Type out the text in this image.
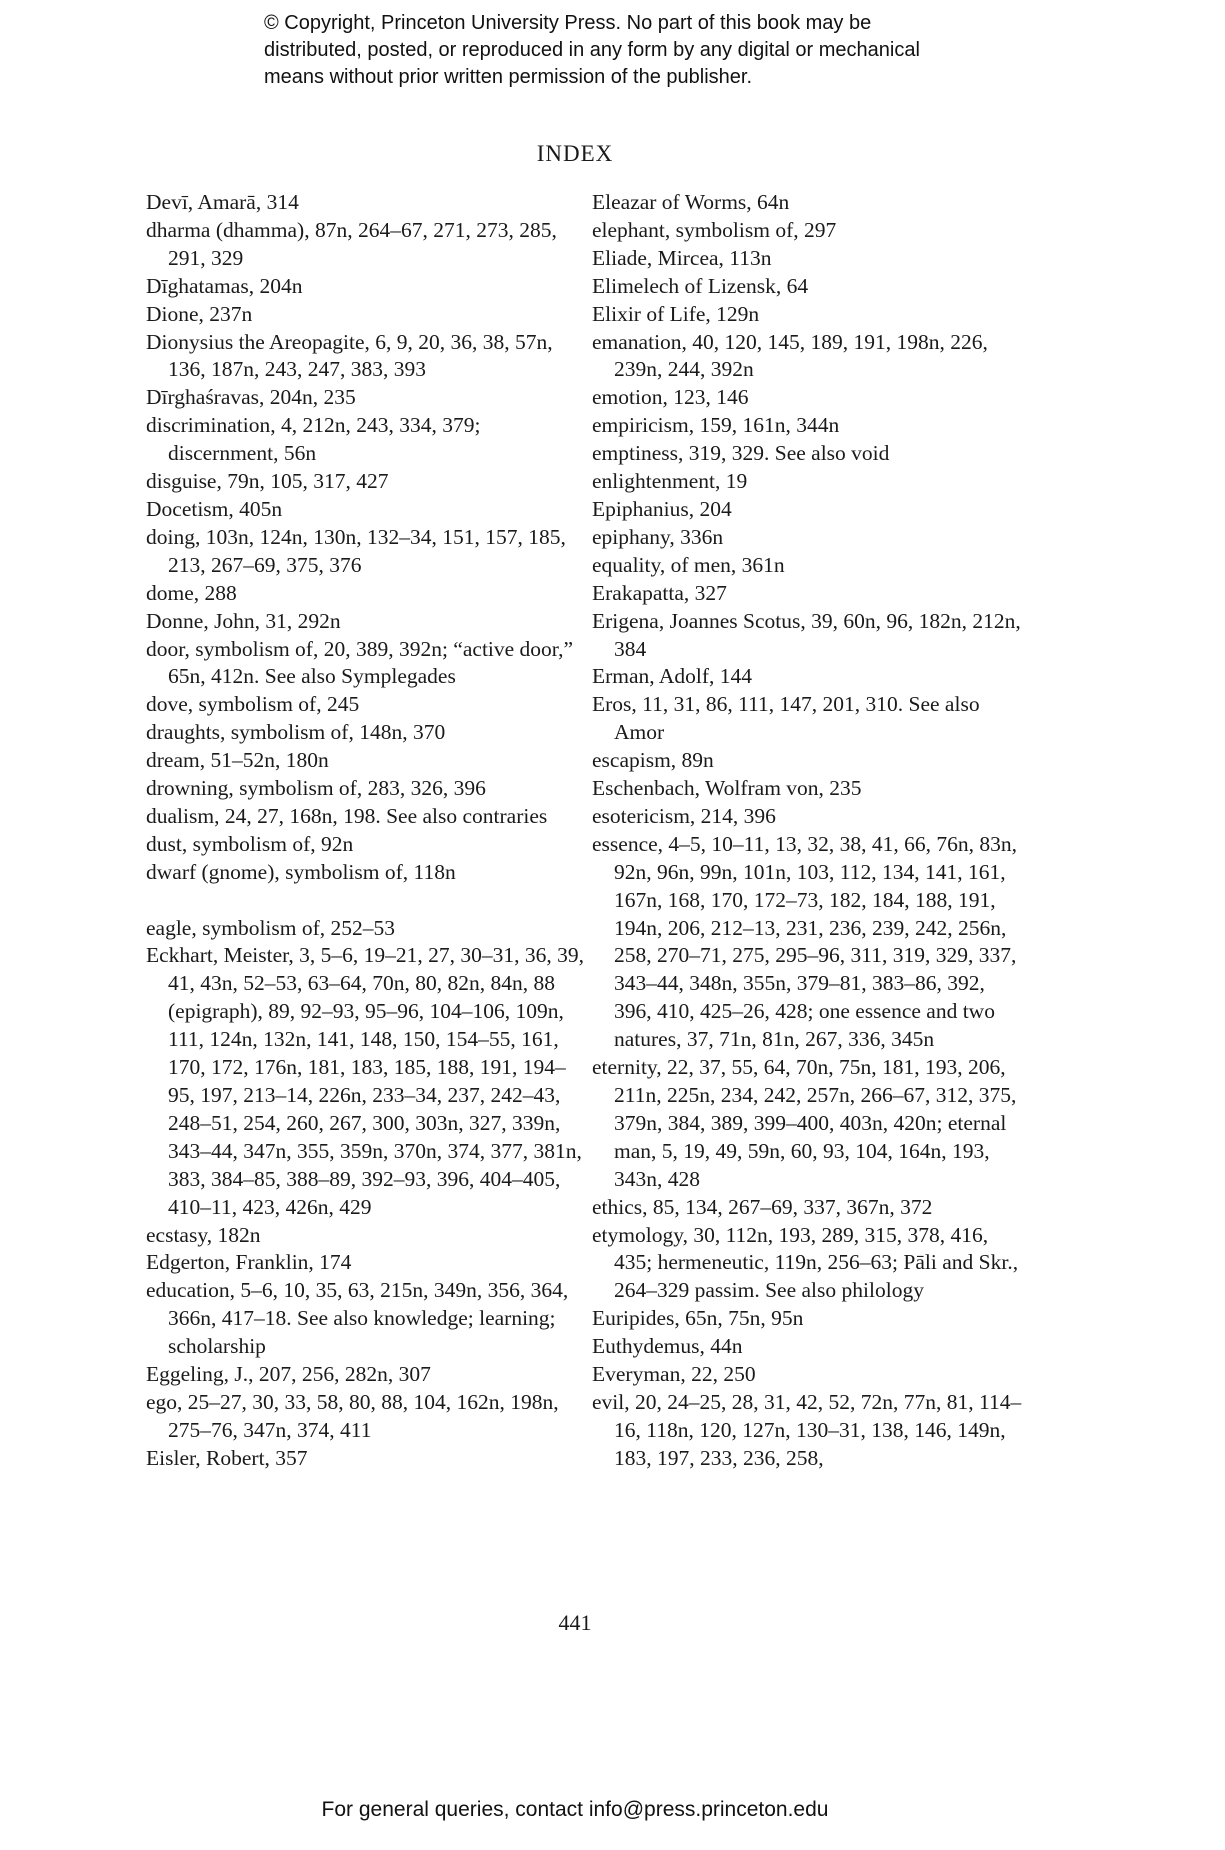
© Copyright, Princeton University Press. No part of this book may be
distributed, posted, or reproduced in any form by any digital or mechanical
means without prior written permission of the publisher.
INDEX
Devī, Amarā, 314
dharma (dhamma), 87n, 264–67, 271, 273, 285, 291, 329
Dīghatamas, 204n
Dione, 237n
Dionysius the Areopagite, 6, 9, 20, 36, 38, 57n, 136, 187n, 243, 247, 383, 393
Dīrghaśravas, 204n, 235
discrimination, 4, 212n, 243, 334, 379; discernment, 56n
disguise, 79n, 105, 317, 427
Docetism, 405n
doing, 103n, 124n, 130n, 132–34, 151, 157, 185, 213, 267–69, 375, 376
dome, 288
Donne, John, 31, 292n
door, symbolism of, 20, 389, 392n; “active door,” 65n, 412n. See also Symplegades
dove, symbolism of, 245
draughts, symbolism of, 148n, 370
dream, 51–52n, 180n
drowning, symbolism of, 283, 326, 396
dualism, 24, 27, 168n, 198. See also contraries
dust, symbolism of, 92n
dwarf (gnome), symbolism of, 118n
eagle, symbolism of, 252–53
Eckhart, Meister, 3, 5–6, 19–21, 27, 30–31, 36, 39, 41, 43n, 52–53, 63–64, 70n, 80, 82n, 84n, 88 (epigraph), 89, 92–93, 95–96, 104–106, 109n, 111, 124n, 132n, 141, 148, 150, 154–55, 161, 170, 172, 176n, 181, 183, 185, 188, 191, 194–95, 197, 213–14, 226n, 233–34, 237, 242–43, 248–51, 254, 260, 267, 300, 303n, 327, 339n, 343–44, 347n, 355, 359n, 370n, 374, 377, 381n, 383, 384–85, 388–89, 392–93, 396, 404–405, 410–11, 423, 426n, 429
ecstasy, 182n
Edgerton, Franklin, 174
education, 5–6, 10, 35, 63, 215n, 349n, 356, 364, 366n, 417–18. See also knowledge; learning; scholarship
Eggeling, J., 207, 256, 282n, 307
ego, 25–27, 30, 33, 58, 80, 88, 104, 162n, 198n, 275–76, 347n, 374, 411
Eisler, Robert, 357
Eleazar of Worms, 64n
elephant, symbolism of, 297
Eliade, Mircea, 113n
Elimelech of Lizensk, 64
Elixir of Life, 129n
emanation, 40, 120, 145, 189, 191, 198n, 226, 239n, 244, 392n
emotion, 123, 146
empiricism, 159, 161n, 344n
emptiness, 319, 329. See also void
enlightenment, 19
Epiphanius, 204
epiphany, 336n
equality, of men, 361n
Erakapatta, 327
Erigena, Joannes Scotus, 39, 60n, 96, 182n, 212n, 384
Erman, Adolf, 144
Eros, 11, 31, 86, 111, 147, 201, 310. See also Amor
escapism, 89n
Eschenbach, Wolfram von, 235
esotericism, 214, 396
essence, 4–5, 10–11, 13, 32, 38, 41, 66, 76n, 83n, 92n, 96n, 99n, 101n, 103, 112, 134, 141, 161, 167n, 168, 170, 172–73, 182, 184, 188, 191, 194n, 206, 212–13, 231, 236, 239, 242, 256n, 258, 270–71, 275, 295–96, 311, 319, 329, 337, 343–44, 348n, 355n, 379–81, 383–86, 392, 396, 410, 425–26, 428; one essence and two natures, 37, 71n, 81n, 267, 336, 345n
eternity, 22, 37, 55, 64, 70n, 75n, 181, 193, 206, 211n, 225n, 234, 242, 257n, 266–67, 312, 375, 379n, 384, 389, 399–400, 403n, 420n; eternal man, 5, 19, 49, 59n, 60, 93, 104, 164n, 193, 343n, 428
ethics, 85, 134, 267–69, 337, 367n, 372
etymology, 30, 112n, 193, 289, 315, 378, 416, 435; hermeneutic, 119n, 256–63; Pāli and Skr., 264–329 passim. See also philology
Euripides, 65n, 75n, 95n
Euthydemus, 44n
Everyman, 22, 250
evil, 20, 24–25, 28, 31, 42, 52, 72n, 77n, 81, 114–16, 118n, 120, 127n, 130–31, 138, 146, 149n, 183, 197, 233, 236, 258,
441
For general queries, contact info@press.princeton.edu
